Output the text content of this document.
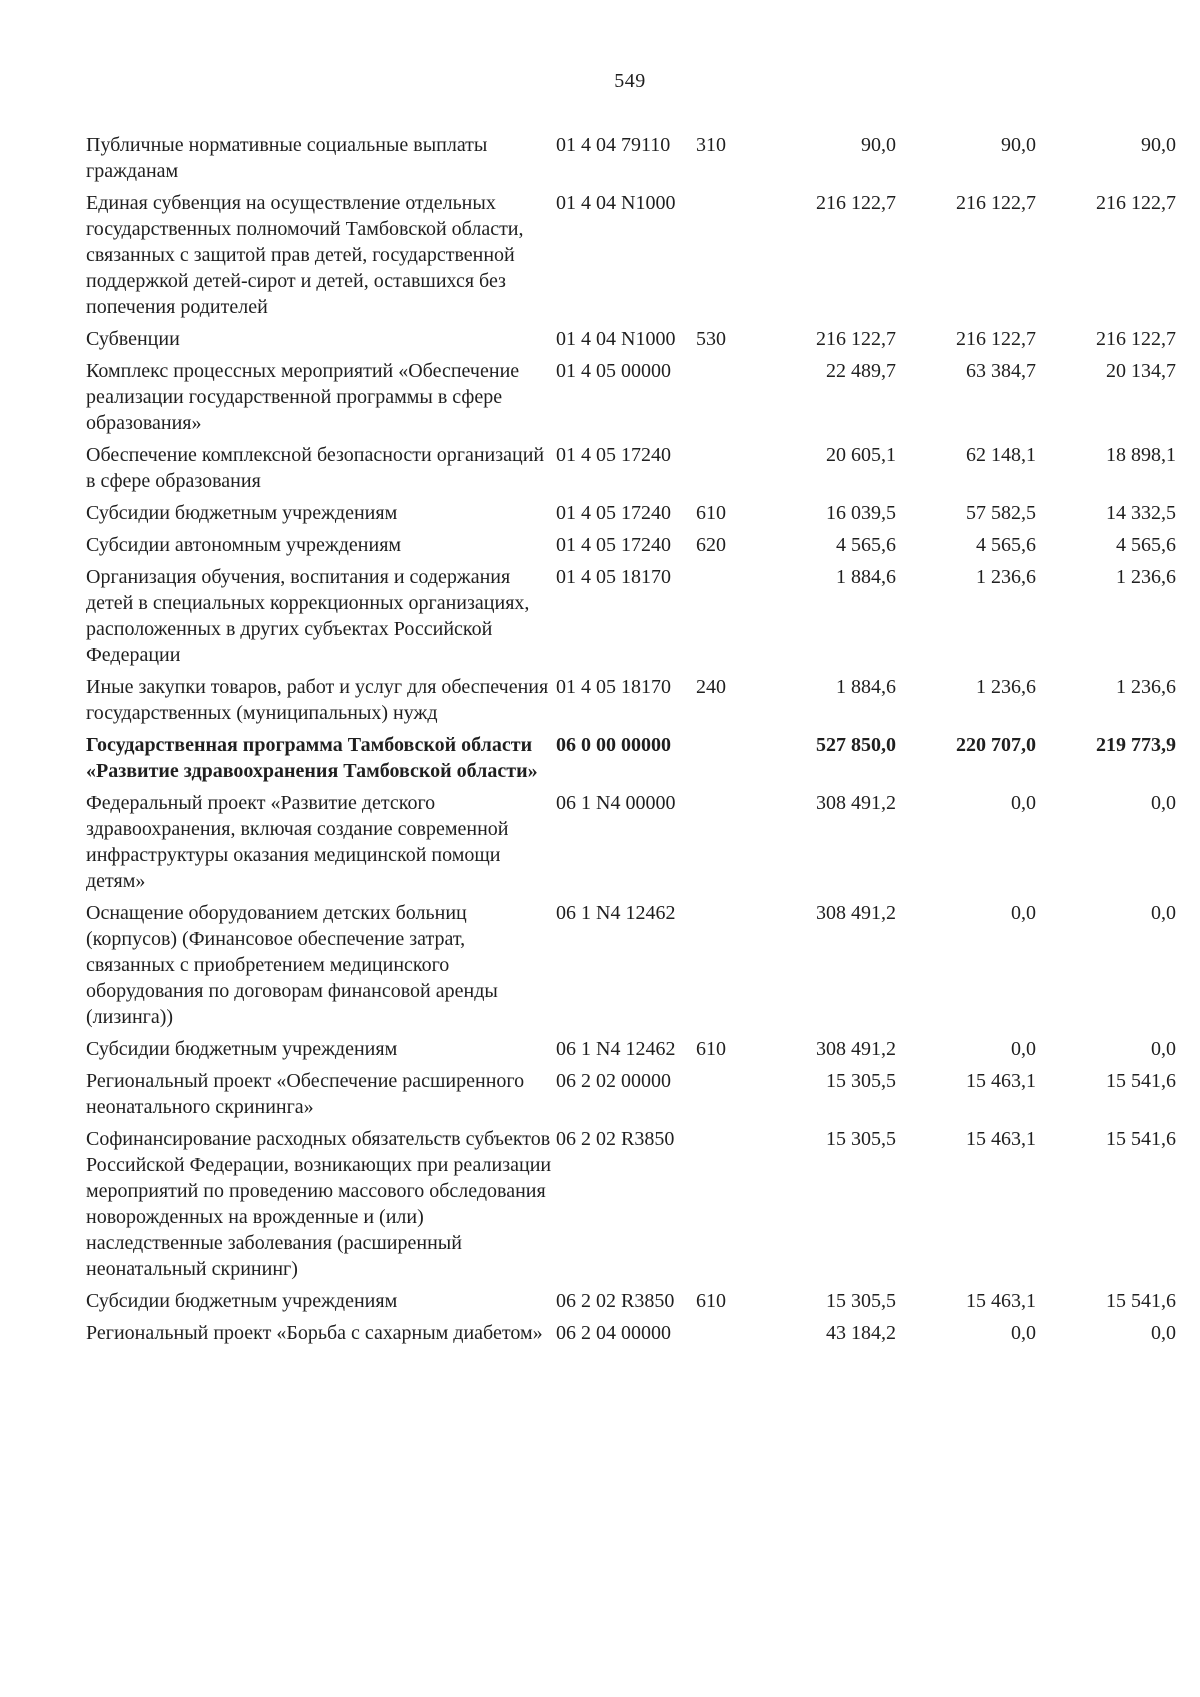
549
Публичные нормативные социальные выплаты гражданам	01 4 04 79110	310	90,0	90,0	90,0
Единая субвенция на осуществление отдельных государственных полномочий Тамбовской области, связанных с защитой прав детей, государственной поддержкой детей-сирот и детей, оставшихся без попечения родителей	01 4 04 N1000		216 122,7	216 122,7	216 122,7
Субвенции	01 4 04 N1000	530	216 122,7	216 122,7	216 122,7
Комплекс процессных мероприятий «Обеспечение реализации государственной программы в сфере образования»	01 4 05 00000		22 489,7	63 384,7	20 134,7
Обеспечение комплексной безопасности организаций в сфере образования	01 4 05 17240		20 605,1	62 148,1	18 898,1
Субсидии бюджетным учреждениям	01 4 05 17240	610	16 039,5	57 582,5	14 332,5
Субсидии автономным учреждениям	01 4 05 17240	620	4 565,6	4 565,6	4 565,6
Организация обучения, воспитания и содержания детей в специальных коррекционных организациях, расположенных в других субъектах Российской Федерации	01 4 05 18170		1 884,6	1 236,6	1 236,6
Иные закупки товаров, работ и услуг для обеспечения государственных (муниципальных) нужд	01 4 05 18170	240	1 884,6	1 236,6	1 236,6
Государственная программа Тамбовской области «Развитие здравоохранения Тамбовской области»	06 0 00 00000		527 850,0	220 707,0	219 773,9
Федеральный проект «Развитие детского здравоохранения, включая создание современной инфраструктуры оказания медицинской помощи детям»	06 1 N4 00000		308 491,2	0,0	0,0
Оснащение оборудованием детских больниц (корпусов) (Финансовое обеспечение затрат, связанных с приобретением медицинского оборудования по договорам финансовой аренды (лизинга))	06 1 N4 12462		308 491,2	0,0	0,0
Субсидии бюджетным учреждениям	06 1 N4 12462	610	308 491,2	0,0	0,0
Региональный проект «Обеспечение расширенного неонатального скрининга»	06 2 02 00000		15 305,5	15 463,1	15 541,6
Софинансирование расходных обязательств субъектов Российской Федерации, возникающих при реализации мероприятий по проведению массового обследования новорожденных на врожденные и (или) наследственные заболевания (расширенный неонатальный скрининг)	06 2 02 R3850		15 305,5	15 463,1	15 541,6
Субсидии бюджетным учреждениям	06 2 02 R3850	610	15 305,5	15 463,1	15 541,6
Региональный проект «Борьба с сахарным диабетом»	06 2 04 00000		43 184,2	0,0	0,0
